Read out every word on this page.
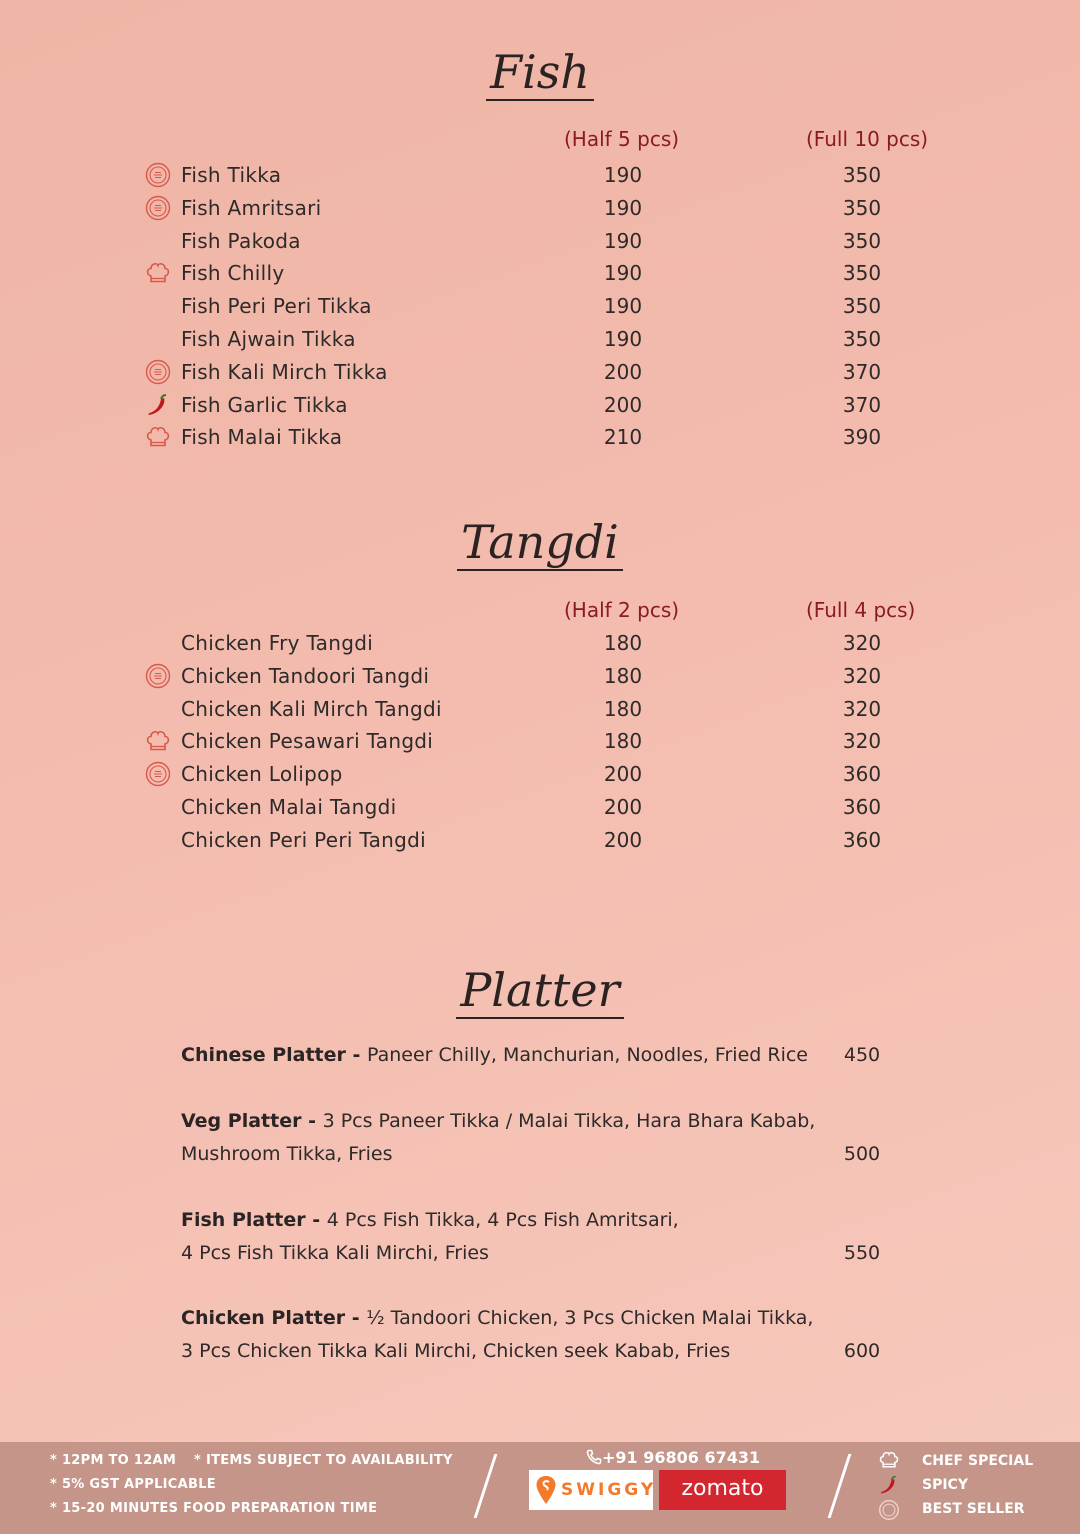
Fish
(Half 5 pcs)	(Full 10 pcs)
Fish Tikka	190	350
Fish Amritsari	190	350
Fish Pakoda	190	350
Fish Chilly	190	350
Fish Peri Peri Tikka	190	350
Fish Ajwain Tikka	190	350
Fish Kali Mirch Tikka	200	370
Fish Garlic Tikka	200	370
Fish Malai Tikka	210	390
Tangdi
(Half 2 pcs)	(Full 4 pcs)
Chicken Fry Tangdi	180	320
Chicken Tandoori Tangdi	180	320
Chicken Kali Mirch Tangdi	180	320
Chicken Pesawari Tangdi	180	320
Chicken Lolipop	200	360
Chicken Malai Tangdi	200	360
Chicken Peri Peri Tangdi	200	360
Platter
Chinese Platter - Paneer Chilly, Manchurian, Noodles, Fried Rice	450
Veg Platter - 3 Pcs Paneer Tikka / Malai Tikka, Hara Bhara Kabab,
Mushroom Tikka, Fries	500
Fish Platter - 4 Pcs Fish Tikka, 4 Pcs Fish Amritsari,
4 Pcs Fish Tikka Kali Mirchi, Fries	550
Chicken Platter - ½ Tandoori Chicken, 3 Pcs Chicken Malai Tikka,
3 Pcs Chicken Tikka Kali Mirchi, Chicken seek Kabab, Fries	600
* 12PM TO 12AM * ITEMS SUBJECT TO AVAILABILITY
* 5% GST APPLICABLE
* 15-20 MINUTES FOOD PREPARATION TIME
+91 96806 67431
SWIGGY	zomato
CHEF SPECIAL
SPICY
BEST SELLER
